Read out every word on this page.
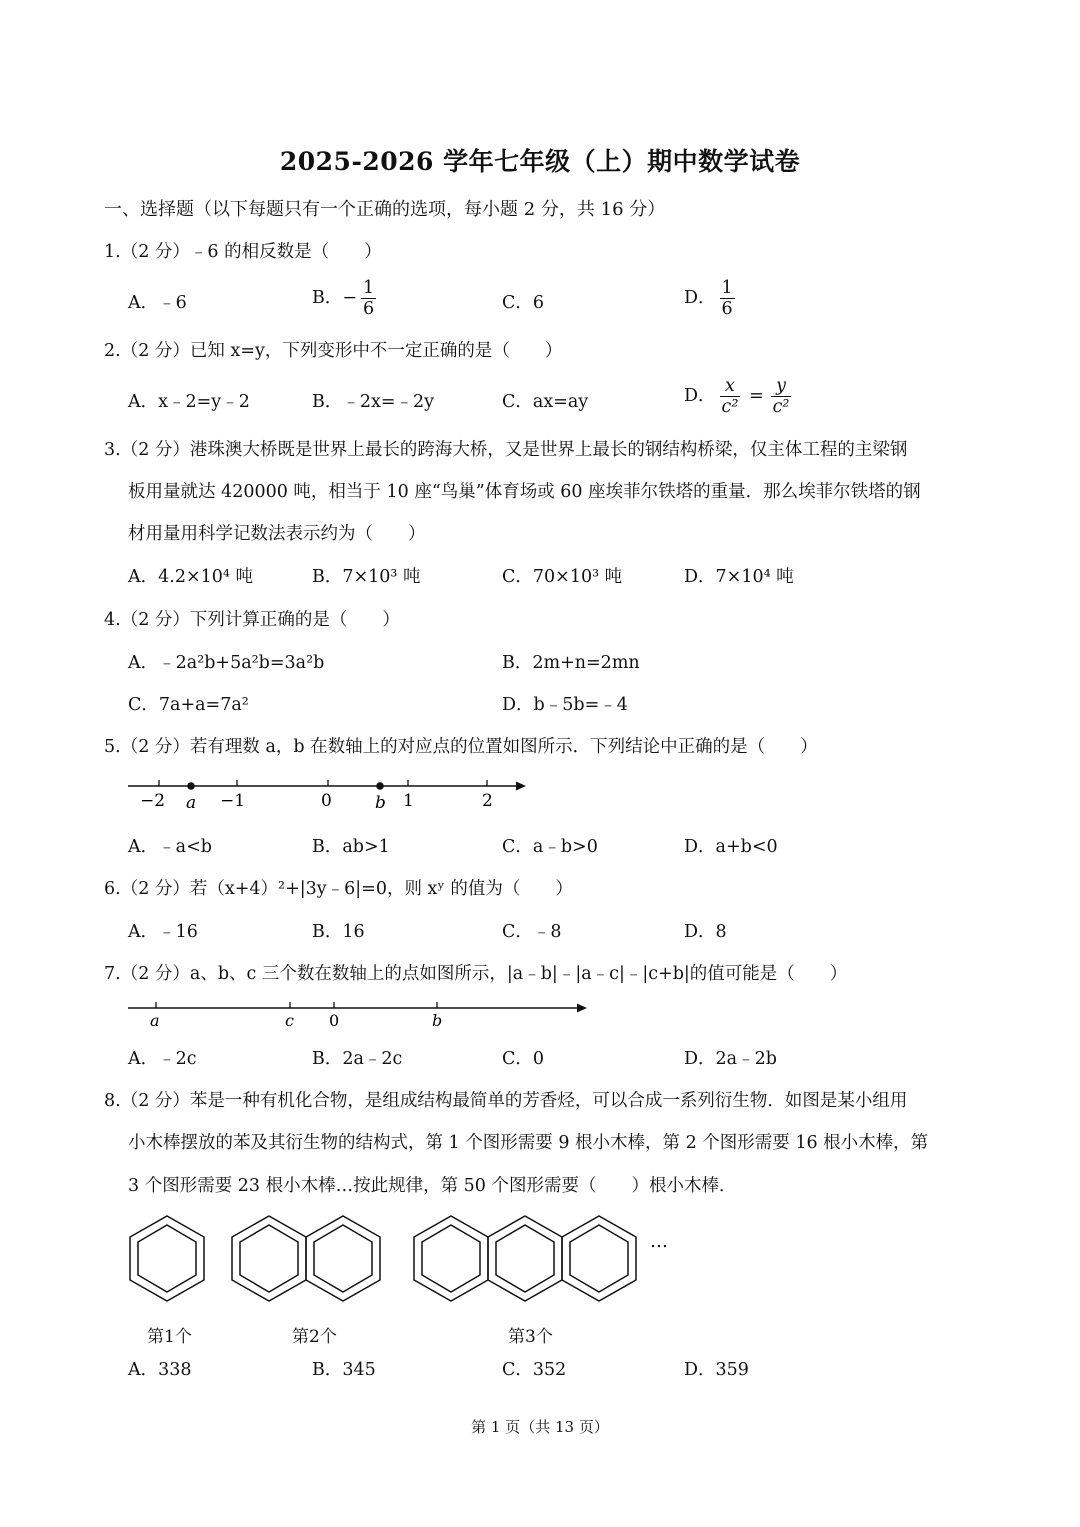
2025-2026 学年七年级（上）期中数学试卷
一、选择题（以下每题只有一个正确的选项，每小题 2 分，共 16 分）
1.（2 分）﹣6 的相反数是（　　）
A．﹣6	B．− $\frac{1}{6}$	C．6	D． $\frac{1}{6}$
2.（2 分）已知 x=y，下列变形中不一定正确的是（　　）
A．x﹣2=y﹣2	B．﹣2x=﹣2y	C．ax=ay	D． $\frac{x}{\text{c²}} = \frac{y}{\text{c²}}$
3.（2 分）港珠澳大桥既是世界上最长的跨海大桥，又是世界上最长的钢结构桥梁，仅主体工程的主梁钢
板用量就达 420000 吨，相当于 10 座“鸟巢”体育场或 60 座埃菲尔铁塔的重量．那么埃菲尔铁塔的钢
材用量用科学记数法表示约为（　　）
A．4.2×10⁴ 吨	B．7×10³ 吨	C．70×10³ 吨	D．7×10⁴ 吨
4.（2 分）下列计算正确的是（　　）
A．﹣2a²b+5a²b=3a²b	B．2m+n=2mn
C．7a+a=7a²	D．b﹣5b=﹣4
5.（2 分）若有理数 a，b 在数轴上的对应点的位置如图所示．下列结论中正确的是（　　）
−2 a −1	0	b 1	2
A．﹣a<b	B．ab>1	C．a﹣b>0	D．a+b<0
6.（2 分）若（x+4）²+|3y﹣6|=0，则 xʸ 的值为（　　）
A．﹣16	B．16	C．﹣8	D．8
7.（2 分）a、b、c 三个数在数轴上的点如图所示，|a﹣b|﹣|a﹣c|﹣|c+b|的值可能是（　　）
a	c 0	b
A．﹣2c	B．2a﹣2c	C．0	D．2a﹣2b
8.（2 分）苯是一种有机化合物，是组成结构最简单的芳香烃，可以合成一系列衍生物．如图是某小组用
小木棒摆放的苯及其衍生物的结构式，第 1 个图形需要 9 根小木棒，第 2 个图形需要 16 根小木棒，第
3 个图形需要 23 根小木棒…按此规律，第 50 个图形需要（　　）根小木棒．
…
第1个	第2个	第3个
A．338	B．345	C．352	D．359
第 1 页（共 13 页）
